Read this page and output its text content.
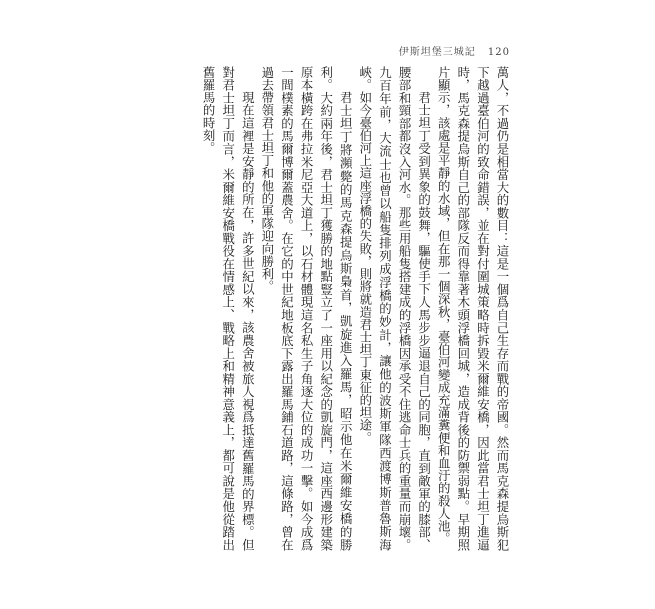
伊斯坦堡三城記 120

萬人，不過仍是相當大的數目：這是一個爲自己生存而戰的帝國。然而馬克森提烏斯犯下越過臺伯河的致命錯誤，並在對付圍城策略時拆毀米爾維安橋，因此當君士坦丁進逼時，馬克森提烏斯自己的部隊反而得靠著木頭浮橋回城，造成背後的防禦弱點。早期照片顯示，該處是平靜的水域，但在那一個深秋，臺伯河變成充滿糞便和血汙的殺人池。

君士坦丁受到異象的鼓舞，驅使手下人馬步步逼退自己的同胞，直到敵軍的膝部、腰部和頸部都沒入河水。那些用船隻搭建成的浮橋因承受不住逃命士兵的重量而崩壞。九百年前，大流士也曾以船隻排列成浮橋的妙計，讓他的波斯軍隊西渡博斯普魯斯海峽。如今臺伯河上這座浮橋的失敗，則將就造君士坦丁東征的坦途。

君士坦丁將瀕斃的馬克森提烏斯梟首，凱旋進入羅馬，昭示他在米爾維安橋的勝利。大約兩年後，君士坦丁獲勝的地點豎立了一座用以紀念的凱旋門，這座西邊形建築原本橫跨在弗拉米尼亞大道上，以石材體現這名私生子角逐大位的成功一擊。如今成爲一間樸素的馬爾博爾蓋農舍。在它的中世紀地板底下露出羅馬鋪石道路，這條路，曾在過去帶領君士坦丁和他的軍隊迎向勝利。

現在這裡是安靜的所在，許多世紀以來，該農舍被旅人視爲抵達舊羅馬的界標。但對君士坦丁而言，米爾維安橋戰役在情感上、戰略上和精神意義上，都可說是他從踏出舊羅馬的時刻。
